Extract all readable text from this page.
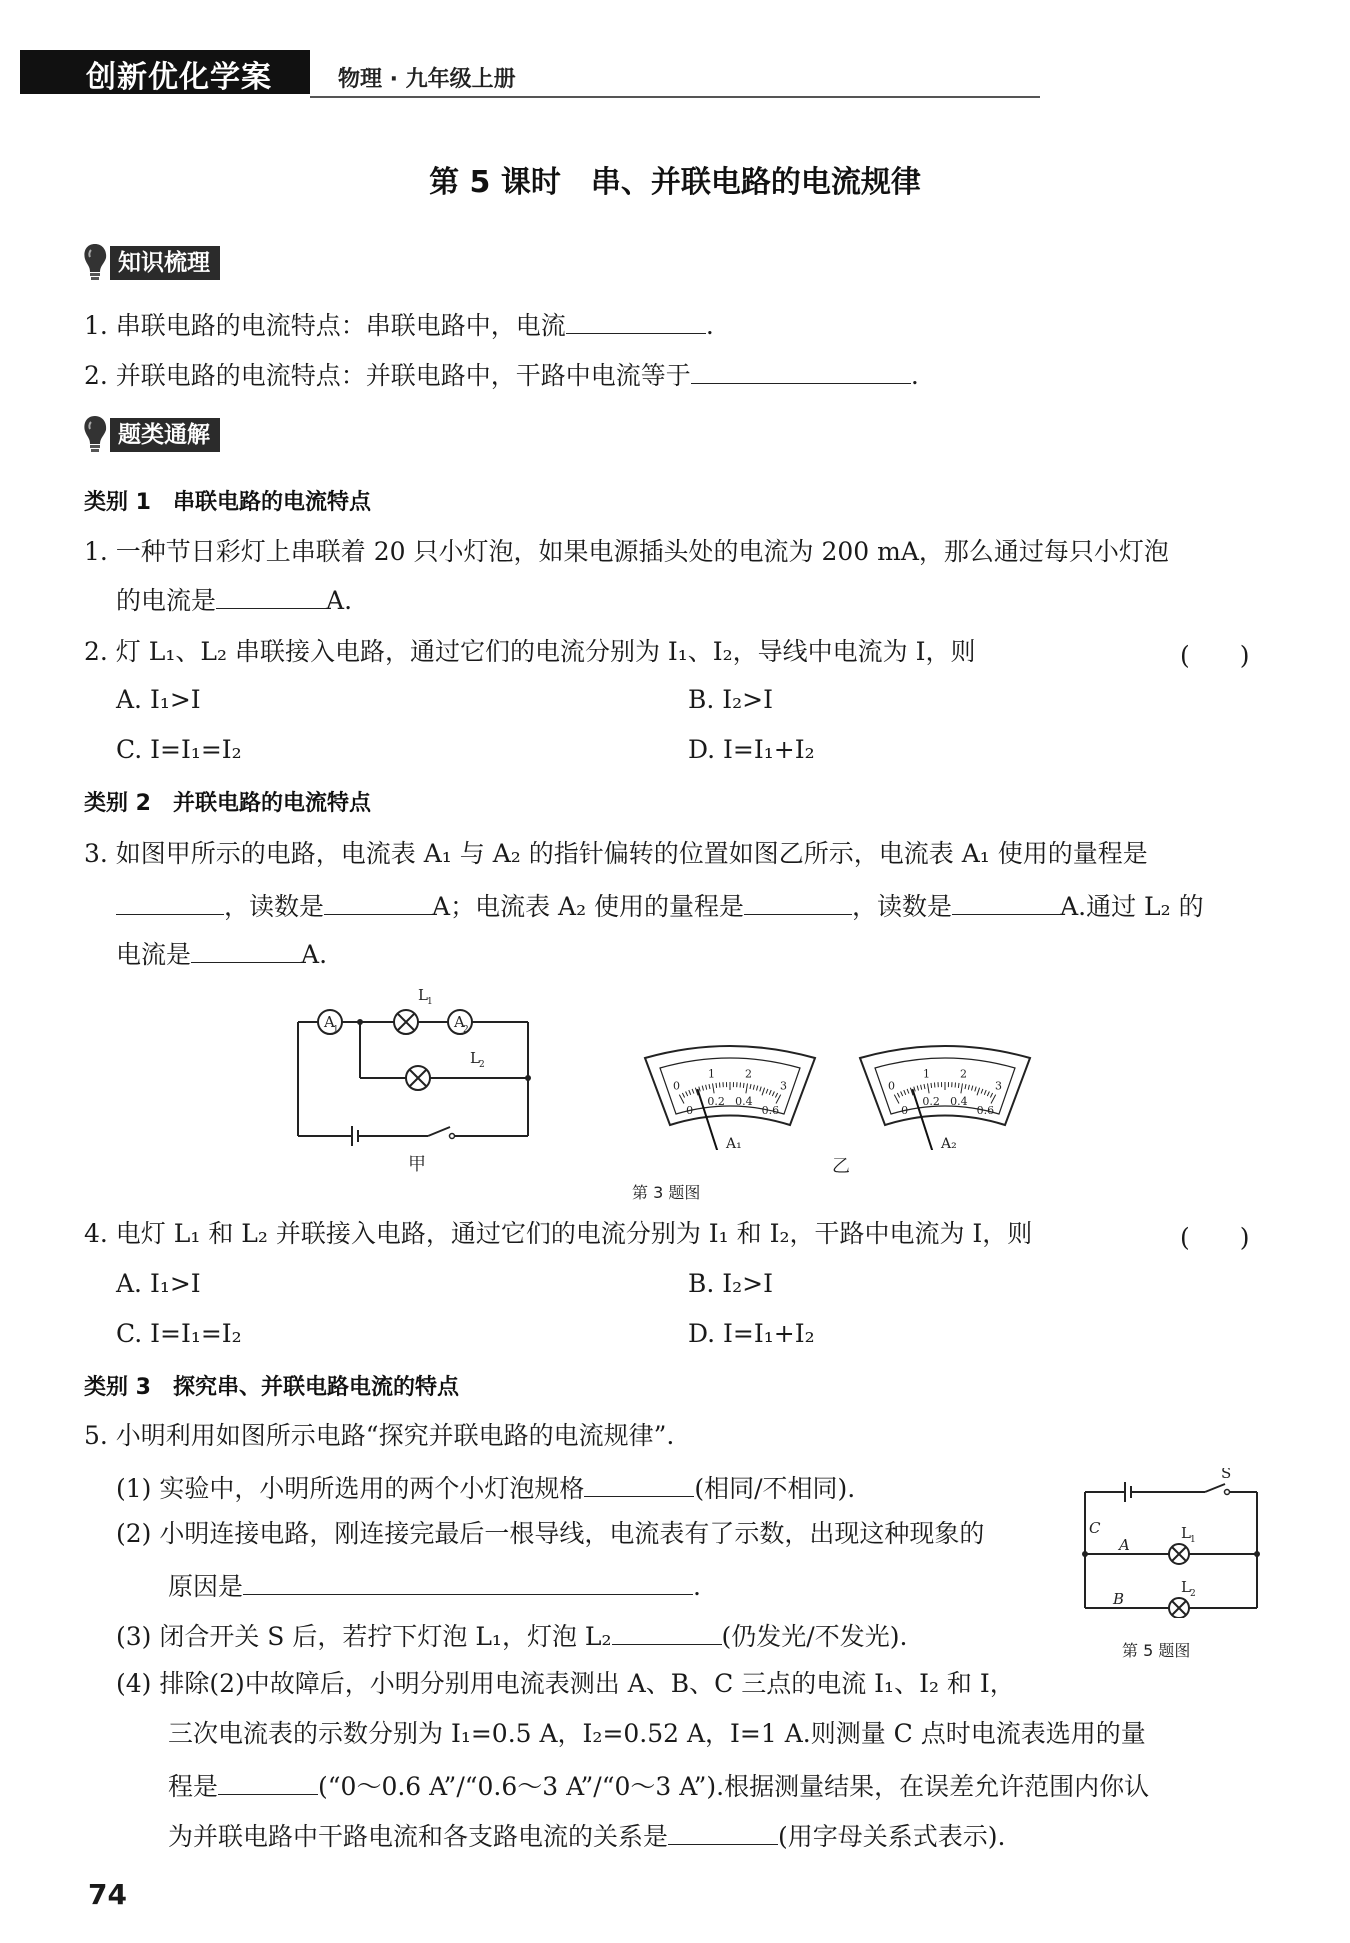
创新优化学案	物理 · 九年级上册
第 5 课时　串、并联电路的电流规律
知识梳理
1. 串联电路的电流特点：串联电路中，电流	.
2. 并联电路的电流特点：并联电路中，干路中电流等于	.
题类通解
类别 1　串联电路的电流特点
1. 一种节日彩灯上串联着 20 只小灯泡，如果电源插头处的电流为 200 mA，那么通过每只小灯泡
的电流是	A.
2. 灯 L₁、L₂ 串联接入电路，通过它们的电流分别为 I₁、I₂，导线中电流为 I，则	(　　)
A. I₁>I	B. I₂>I
C. I=I₁=I₂	D. I=I₁+I₂
类别 2　并联电路的电流特点
3. 如图甲所示的电路，电流表 A₁ 与 A₂ 的指针偏转的位置如图乙所示，电流表 A₁ 使用的量程是
，读数是	A；电流表 A₂ 使用的量程是	，读数是	A.通过 L₂ 的
电流是	A.
A
1	A
2
L 1
L 2
甲
0
1	2
3
0
0.2 0.4
0.6
A₁
0
1	2
3
0
0.2 0.4
0.6
A₂
乙
第 3 题图
4. 电灯 L₁ 和 L₂ 并联接入电路，通过它们的电流分别为 I₁ 和 I₂，干路中电流为 I，则	(　　)
A. I₁>I	B. I₂>I
C. I=I₁=I₂	D. I=I₁+I₂
类别 3　探究串、并联电路电流的特点
5. 小明利用如图所示电路“探究并联电路的电流规律”.
(1) 实验中，小明所选用的两个小灯泡规格	(相同/不相同).
(2) 小明连接电路，刚连接完最后一根导线，电流表有了示数，出现这种现象的
原因是	.
(3) 闭合开关 S 后，若拧下灯泡 L₁，灯泡 L₂	(仍发光/不发光).
(4) 排除(2)中故障后，小明分别用电流表测出 A、B、C 三点的电流 I₁、I₂ 和 I，
三次电流表的示数分别为 I₁=0.5 A，I₂=0.52 A，I=1 A.则测量 C 点时电流表选用的量
程是	(“0～0.6 A”/“0.6～3 A”/“0～3 A”).根据测量结果，在误差允许范围内你认
为并联电路中干路电流和各支路电流的关系是	(用字母关系式表示).
S
C
A
B
L 1
L 2
第 5 题图
74
